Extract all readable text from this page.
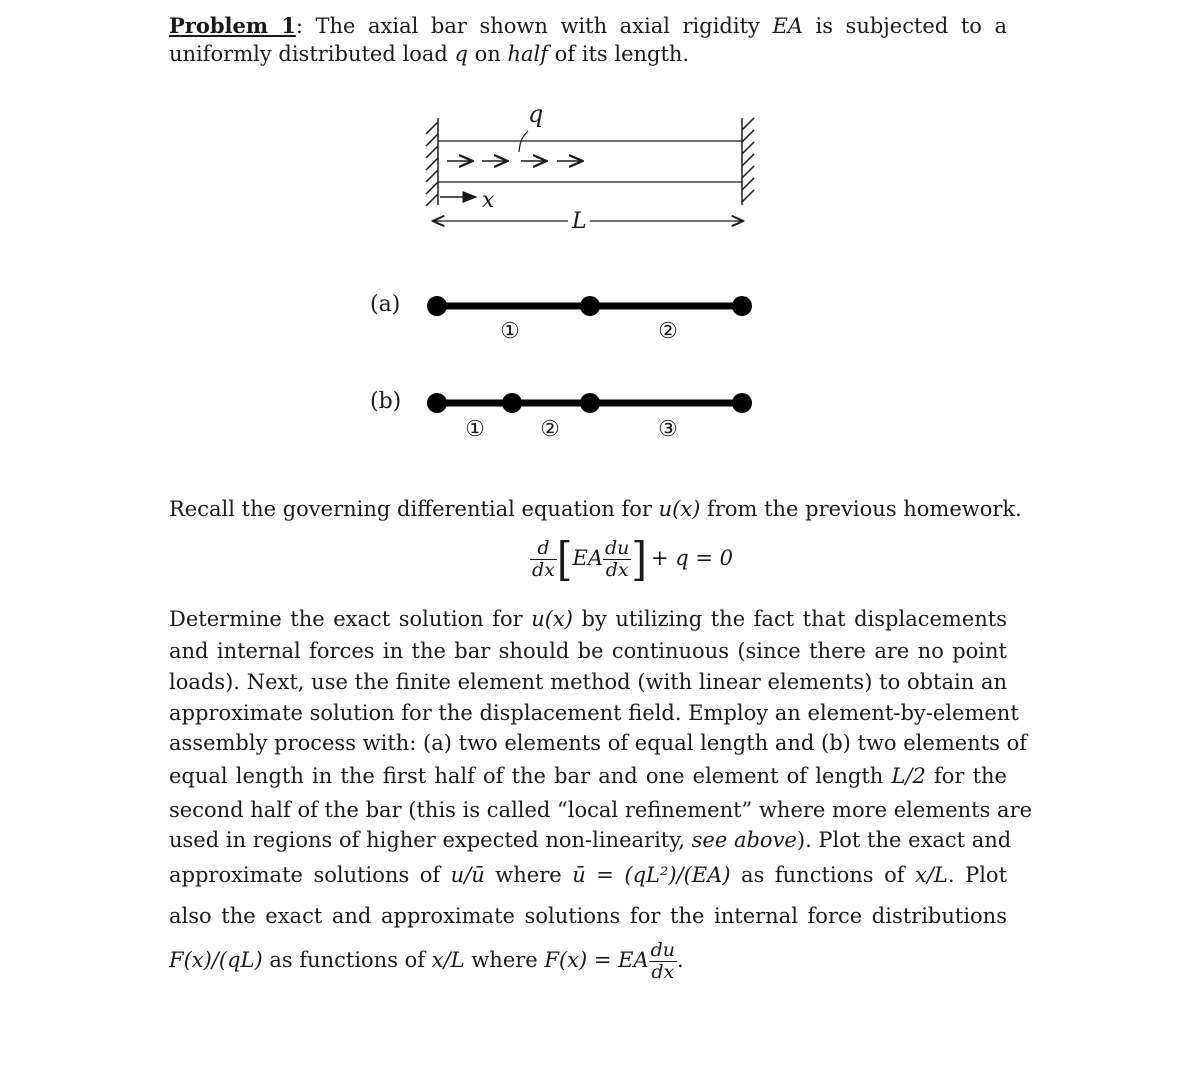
Problem 1: The axial bar shown with axial rigidity EA is subjected to a
uniformly distributed load q on half of its length.
q
x
L
①	②
①	②	③
(a)
(b)
Recall the governing differential equation for u(x) from the previous homework.
$\frac{d}{dx} [EA \frac{du}{dx}$ ] + q = 0
Determine the exact solution for u(x) by utilizing the fact that displacements
and internal forces in the bar should be continuous (since there are no point
loads). Next, use the finite element method (with linear elements) to obtain an
approximate solution for the displacement field. Employ an element-by-element
assembly process with: (a) two elements of equal length and (b) two elements of
equal length in the first half of the bar and one element of length L/2 for the
second half of the bar (this is called “local refinement” where more elements are
used in regions of higher expected non-linearity, see above). Plot the exact and
approximate solutions of u/ū where ū = (qL²)/(EA) as functions of x/L. Plot
also the exact and approximate solutions for the internal force distributions
F(x)/(qL) as functions of x/L where F(x) = EA $\frac{du}{dx}$ .
